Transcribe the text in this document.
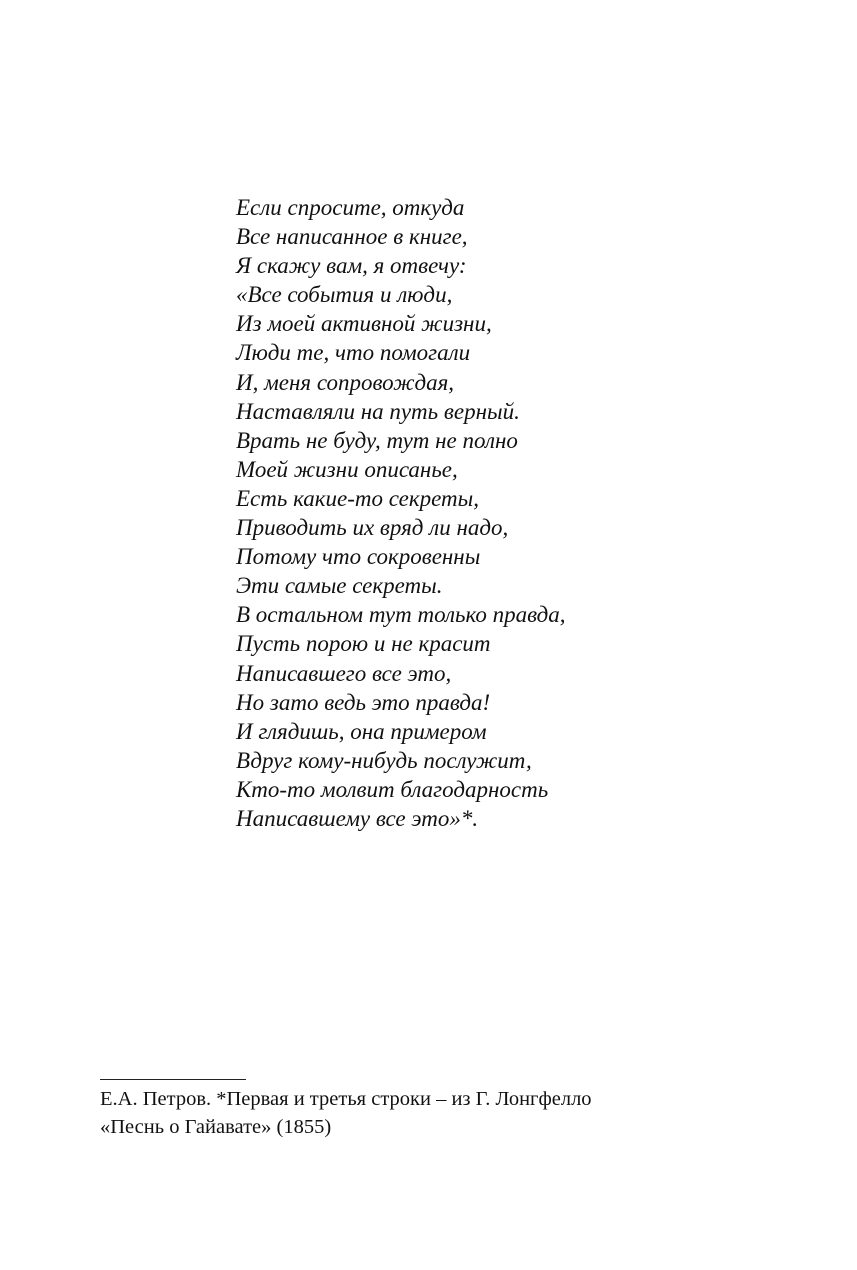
Если спросите, откуда
Все написанное в книге,
Я скажу вам, я отвечу:
«Все события и люди,
Из моей активной жизни,
Люди те, что помогали
И, меня сопровождая,
Наставляли на путь верный.
Врать не буду, тут не полно
Моей жизни описанье,
Есть какие-то секреты,
Приводить их вряд ли надо,
Потому что сокровенны
Эти самые секреты.
В остальном тут только правда,
Пусть порою и не красит
Написавшего все это,
Но зато ведь это правда!
И глядишь, она примером
Вдруг кому-нибудь послужит,
Кто-то молвит благодарность
Написавшему все это»*.
Е.А. Петров. *Первая и третья строки – из Г. Лонгфелло
«Песнь о Гайавате» (1855)
